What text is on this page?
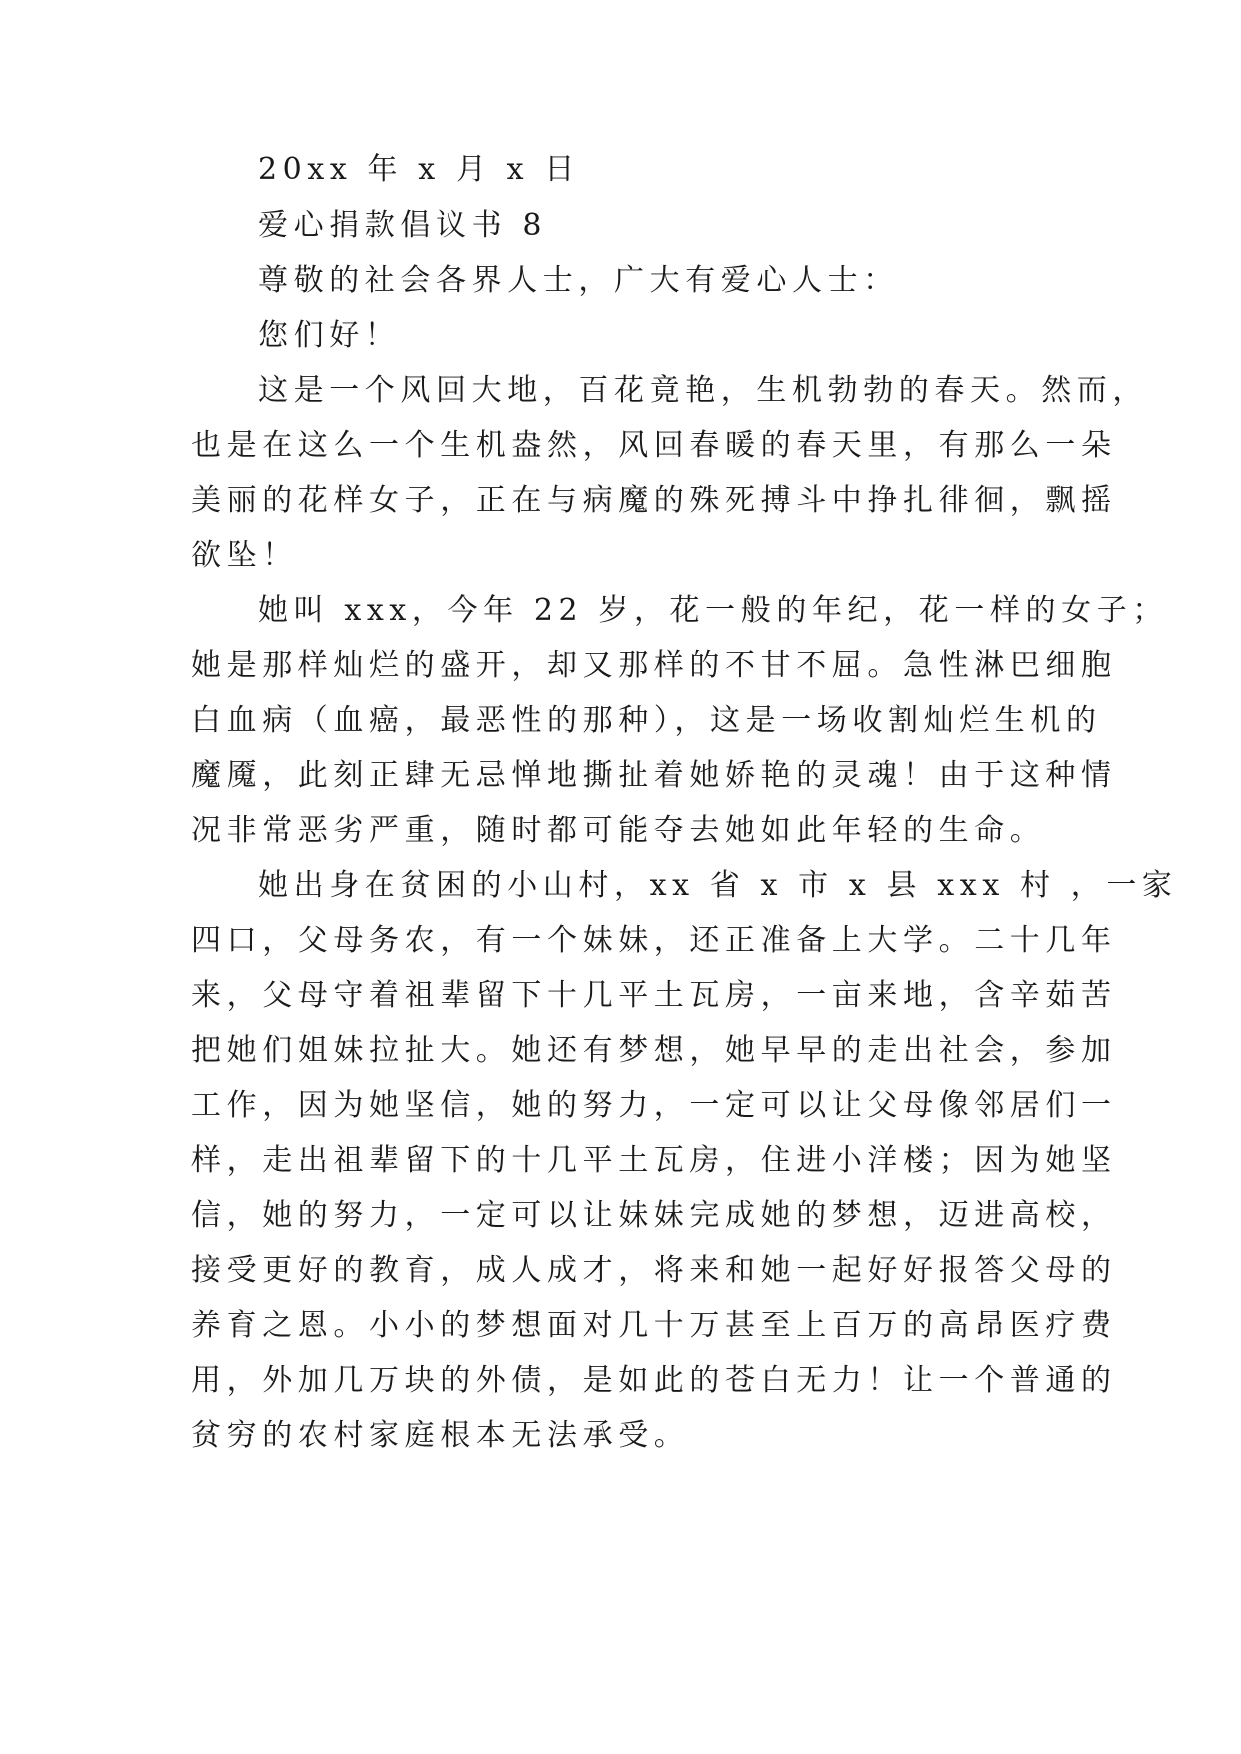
20xx 年 x 月 x 日
爱心捐款倡议书 8
尊敬的社会各界人士，广大有爱心人士：
您们好！
这是一个风回大地，百花竟艳，生机勃勃的春天。然而，
也是在这么一个生机盎然，风回春暖的春天里，有那么一朵
美丽的花样女子，正在与病魔的殊死搏斗中挣扎徘徊，飘摇
欲坠！
她叫 xxx，今年 22 岁，花一般的年纪，花一样的女子；
她是那样灿烂的盛开，却又那样的不甘不屈。急性淋巴细胞
白血病（血癌，最恶性的那种），这是一场收割灿烂生机的
魔魇，此刻正肆无忌惮地撕扯着她娇艳的灵魂！由于这种情
况非常恶劣严重，随时都可能夺去她如此年轻的生命。
她出身在贫困的小山村，xx 省 x 市 x 县 xxx 村 ，一家
四口，父母务农，有一个妹妹，还正准备上大学。二十几年
来，父母守着祖辈留下十几平土瓦房，一亩来地，含辛茹苦
把她们姐妹拉扯大。她还有梦想，她早早的走出社会，参加
工作，因为她坚信，她的努力，一定可以让父母像邻居们一
样，走出祖辈留下的十几平土瓦房，住进小洋楼；因为她坚
信，她的努力，一定可以让妹妹完成她的梦想，迈进高校，
接受更好的教育，成人成才，将来和她一起好好报答父母的
养育之恩。小小的梦想面对几十万甚至上百万的高昂医疗费
用，外加几万块的外债，是如此的苍白无力！让一个普通的
贫穷的农村家庭根本无法承受。
